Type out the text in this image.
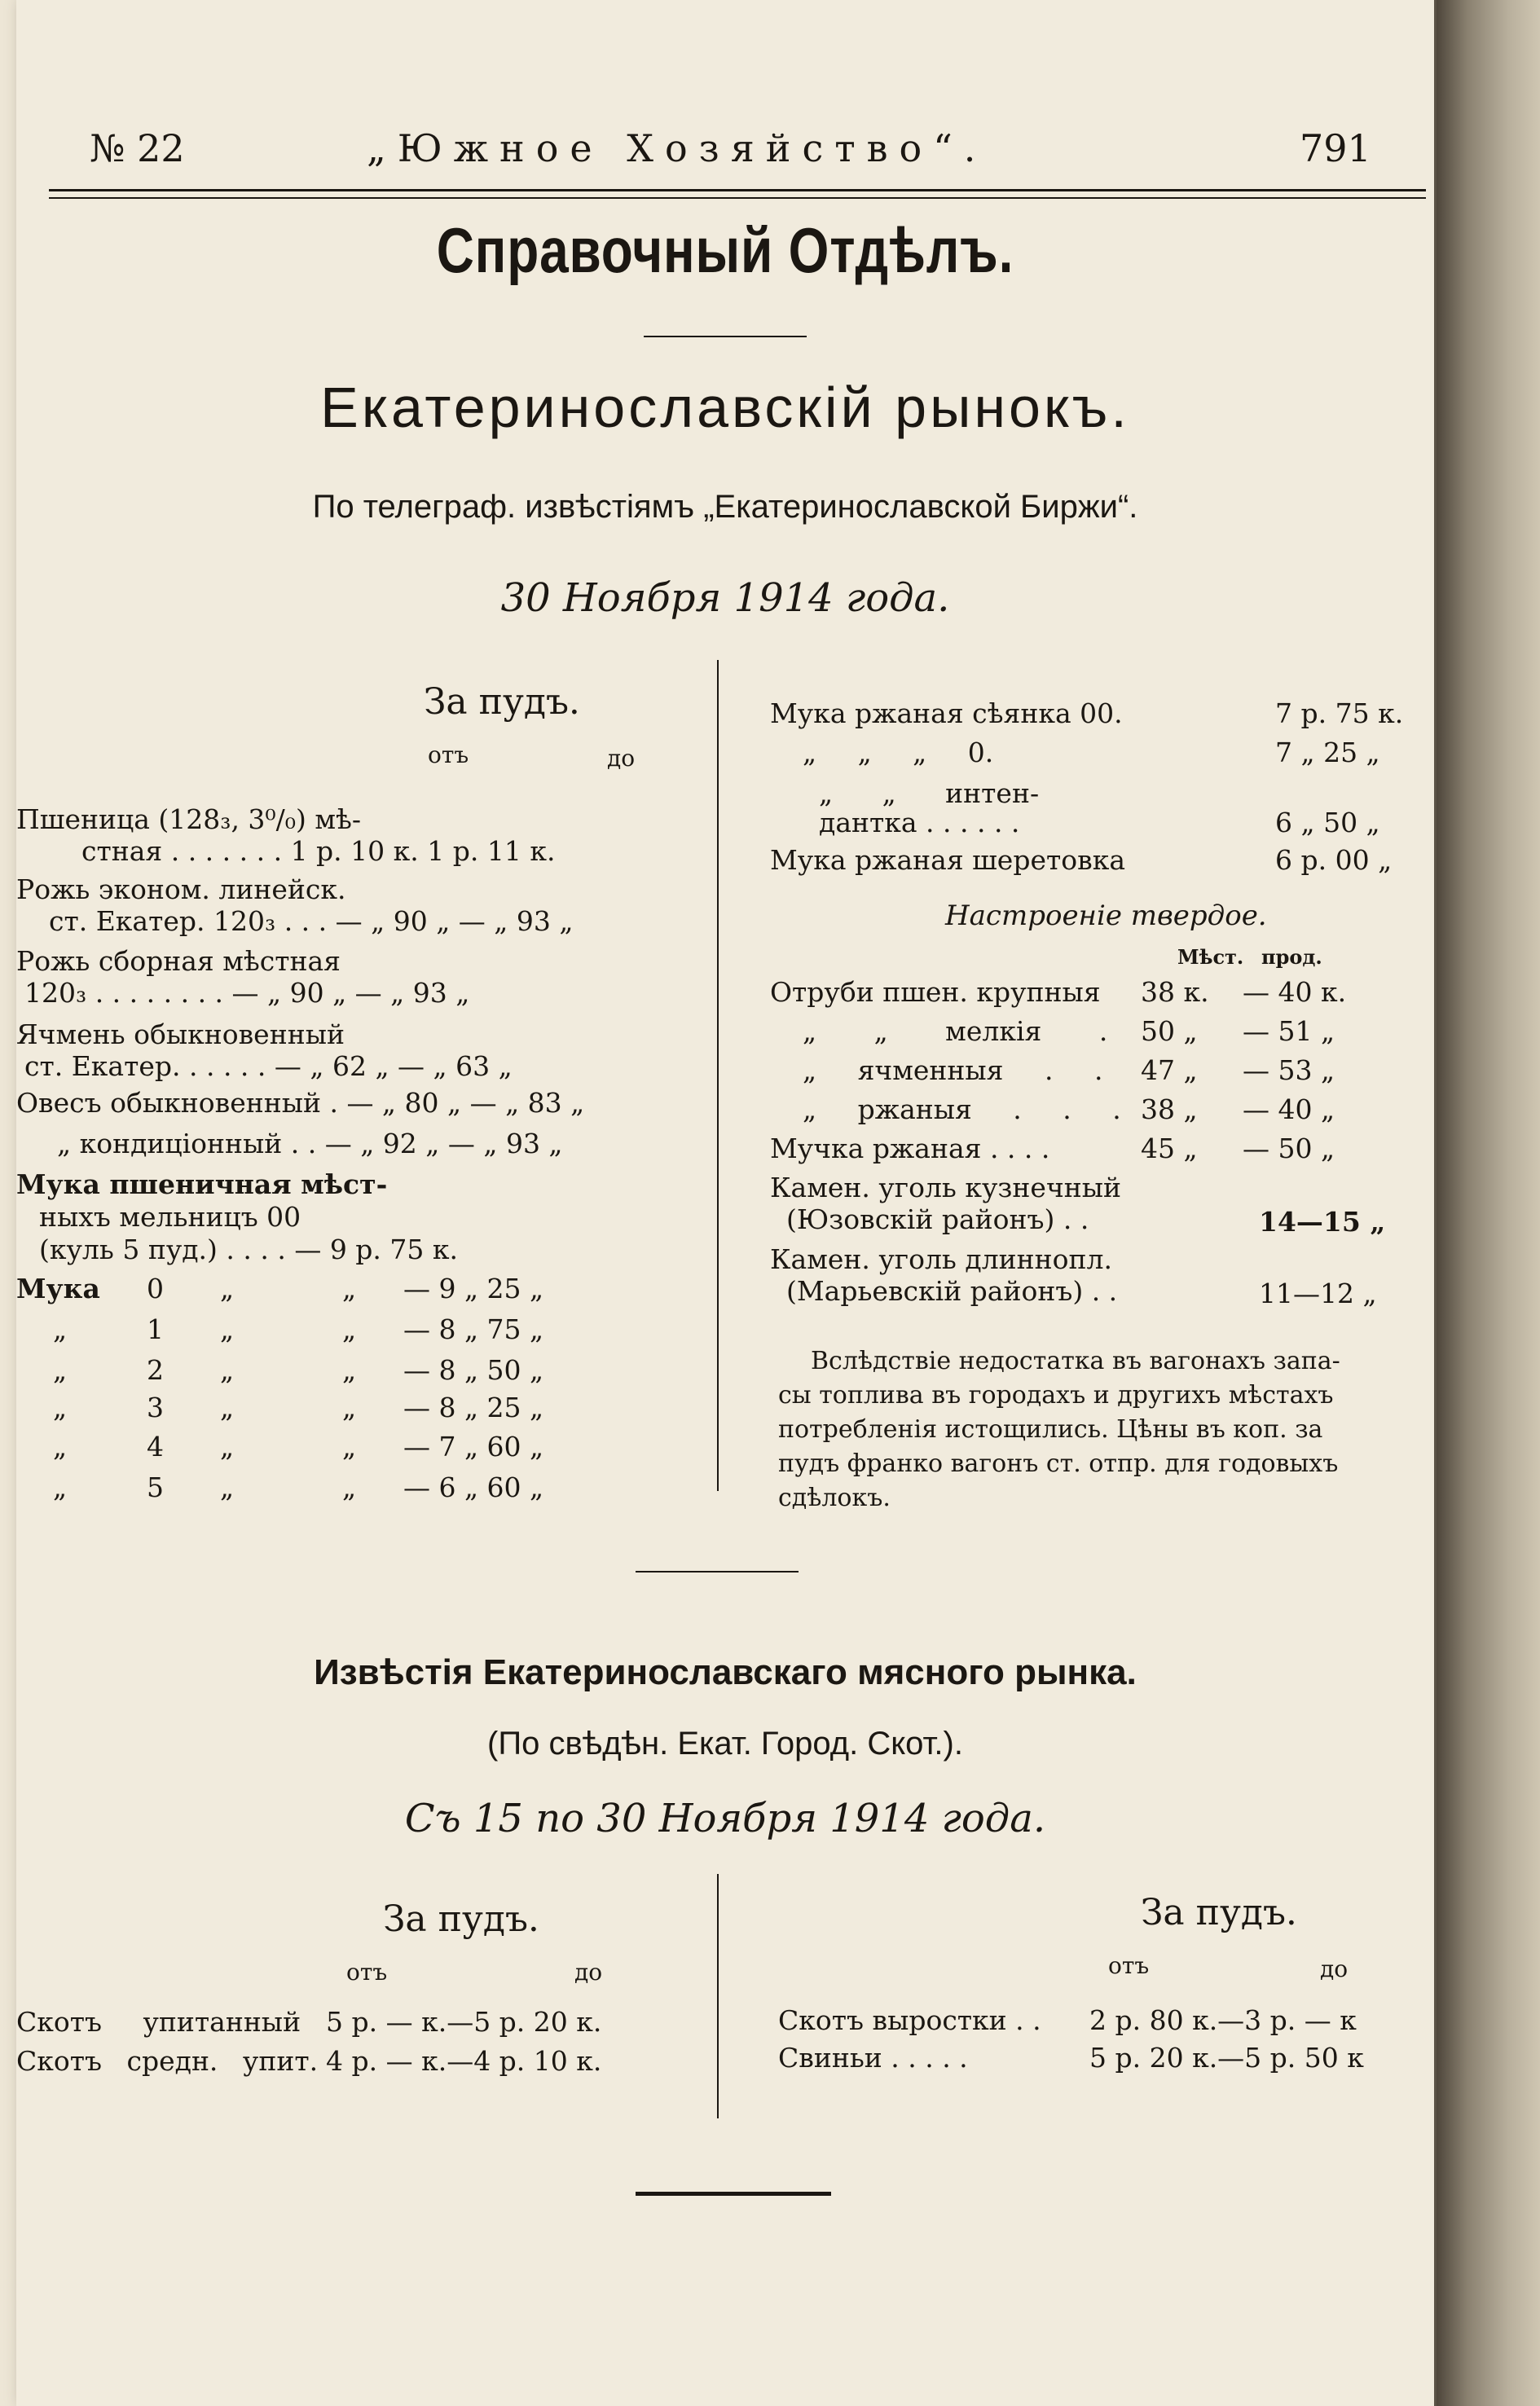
№ 22	„Южное Хозяйство“.	791
Справочный Отдѣлъ.
Екатеринославскiй рынокъ.
По телеграф. извѣстiямъ „Екатеринославской Биржи“.
30 Ноября 1914 года.
За пудъ.
отъ	до
Пшеница (128₃, 3⁰/₀) мѣ-
стная . . . . . . . 1 р. 10 к. 1 р. 11 к.
Рожь эконом. линейск.
ст. Екатер. 120₃ . . . — „ 90 „ — „ 93 „
Рожь сборная мѣстная
120₃ . . . . . . . . — „ 90 „ — „ 93 „
Ячмень обыкновенный
ст. Екатер. . . . . . — „ 62 „ — „ 63 „
Овесъ обыкновенный . — „ 80 „ — „ 83 „
„ кондицiонный . . — „ 92 „ — „ 93 „
Мука пшеничная мѣст-
ныхъ мельницъ 00
(куль 5 пуд.) . . . . — 9 р. 75 к.
Мука 0 „	„ — 9 „ 25 „
„	1 „	„ — 8 „ 75 „
„	2 „	„ — 8 „ 50 „
„	3 „	„ — 8 „ 25 „
„	4 „	„ — 7 „ 60 „
„	5 „	„ — 6 „ 60 „
Мука ржаная сѣянка 00.	7 р. 75 к.
„ „ „ 0.	7 „ 25 „
„ „ интен-
дантка . . . . . .	6 „ 50 „
Мука ржаная шеретовка	6 р. 00 „
Настроенiе твердое.
Мѣст. прод.
Отруби пшен. крупныя 38 к. — 40 к.
„ „ мелкiя . 50 „ — 51 „
„ ячменныя . . 47 „ — 53 „
„ ржаныя . . . 38 „ — 40 „
Мучка ржаная . . . .	45 „ — 50 „
Камен. уголь кузнечный
(Юзовскiй районъ) . .	14—15 „
Камен. уголь длиннопл.
(Марьевскiй районъ) . .	11—12 „
Вслѣдствiе недостатка въ вагонахъ запа-
сы топлива въ городахъ и другихъ мѣстахъ
потребленiя истощились. Цѣны въ коп. за
пудъ франко вагонъ ст. отпр. для годовыхъ
сдѣлокъ.
Извѣстiя Екатеринославскаго мясного рынка.
(По свѣдѣн. Екат. Город. Скот.).
Съ 15 по 30 Ноября 1914 года.
За пудъ.
отъ	до
Скотъ упитанный 5 р. — к.—5 р. 20 к.
Скотъ средн. упит. 4 р. — к.—4 р. 10 к.
За пудъ.
отъ	до
Скотъ выростки . . 2 р. 80 к.—3 р. — к
Свиньи . . . . .	5 р. 20 к.—5 р. 50 к
